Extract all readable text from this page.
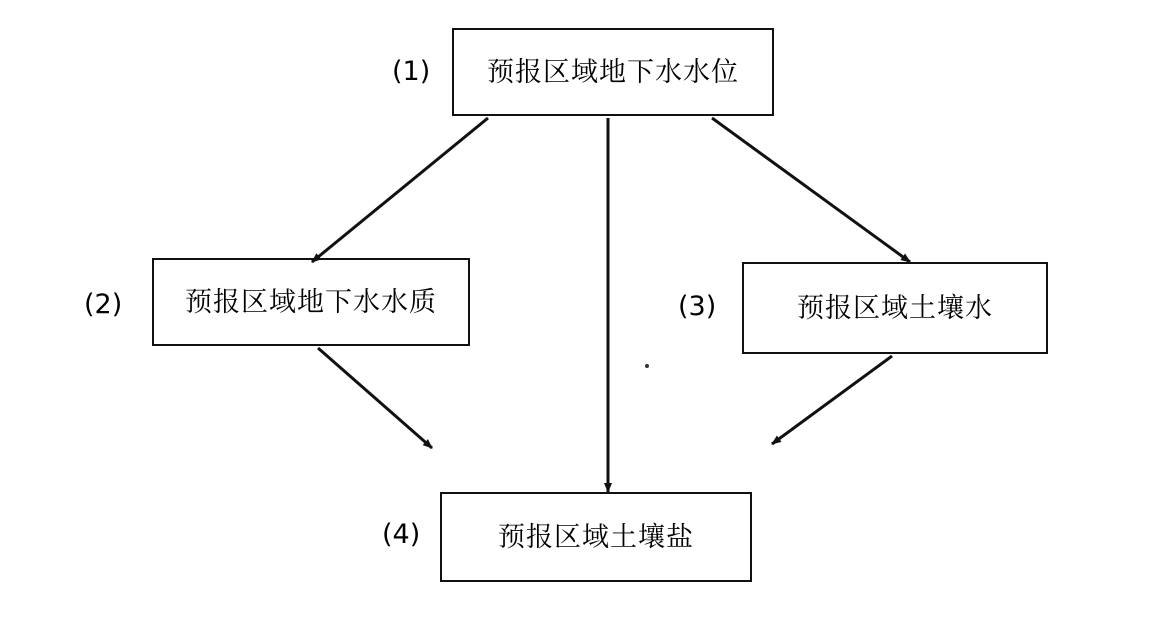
(1) 预报区域地下水水位
(2) 预报区域地下水水质	(3)	预报区域土壤水
(4)	预报区域土壤盐
